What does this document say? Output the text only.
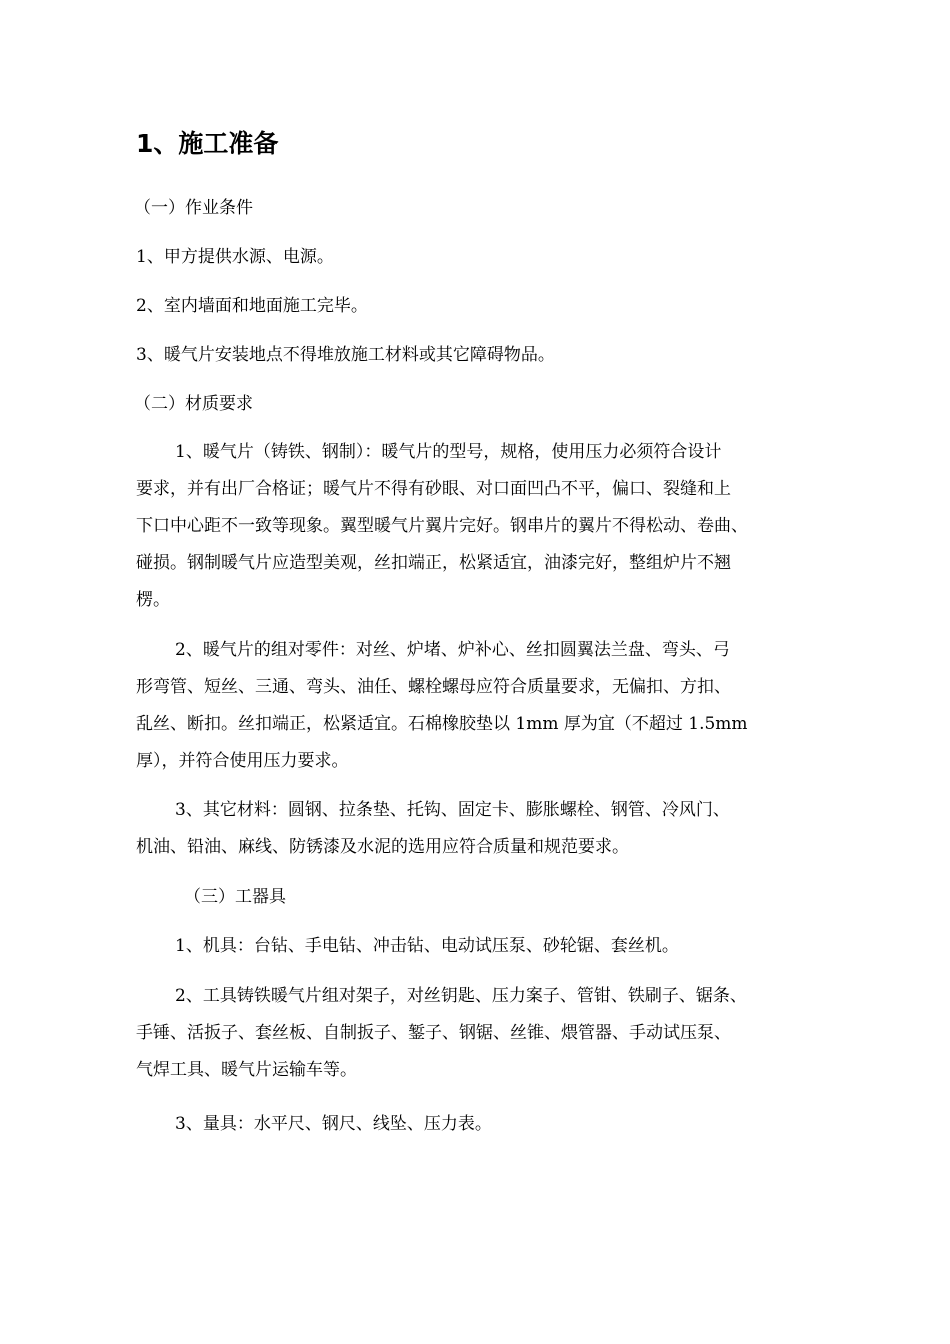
1、施工准备
（一）作业条件
1、甲方提供水源、电源。
2、室内墙面和地面施工完毕。
3、暖气片安装地点不得堆放施工材料或其它障碍物品。
（二）材质要求
1、暖气片（铸铁、钢制）：暖气片的型号，规格，使用压力必须符合设计
要求，并有出厂合格证；暖气片不得有砂眼、对口面凹凸不平，偏口、裂缝和上
下口中心距不一致等现象。翼型暖气片翼片完好。钢串片的翼片不得松动、卷曲、
碰损。钢制暖气片应造型美观，丝扣端正，松紧适宜，油漆完好，整组炉片不翘
楞。
2、暖气片的组对零件：对丝、炉堵、炉补心、丝扣圆翼法兰盘、弯头、弓
形弯管、短丝、三通、弯头、油任、螺栓螺母应符合质量要求，无偏扣、方扣、
乱丝、断扣。丝扣端正，松紧适宜。石棉橡胶垫以 1mm 厚为宜（不超过 1.5mm
厚），并符合使用压力要求。
3、其它材料：圆钢、拉条垫、托钩、固定卡、膨胀螺栓、钢管、冷风门、
机油、铅油、麻线、防锈漆及水泥的选用应符合质量和规范要求。
（三）工器具
1、机具：台钻、手电钻、冲击钻、电动试压泵、砂轮锯、套丝机。
2、工具铸铁暖气片组对架子，对丝钥匙、压力案子、管钳、铁刷子、锯条、
手锤、活扳子、套丝板、自制扳子、錾子、钢锯、丝锥、煨管器、手动试压泵、
气焊工具、暖气片运输车等。
3、量具：水平尺、钢尺、线坠、压力表。
